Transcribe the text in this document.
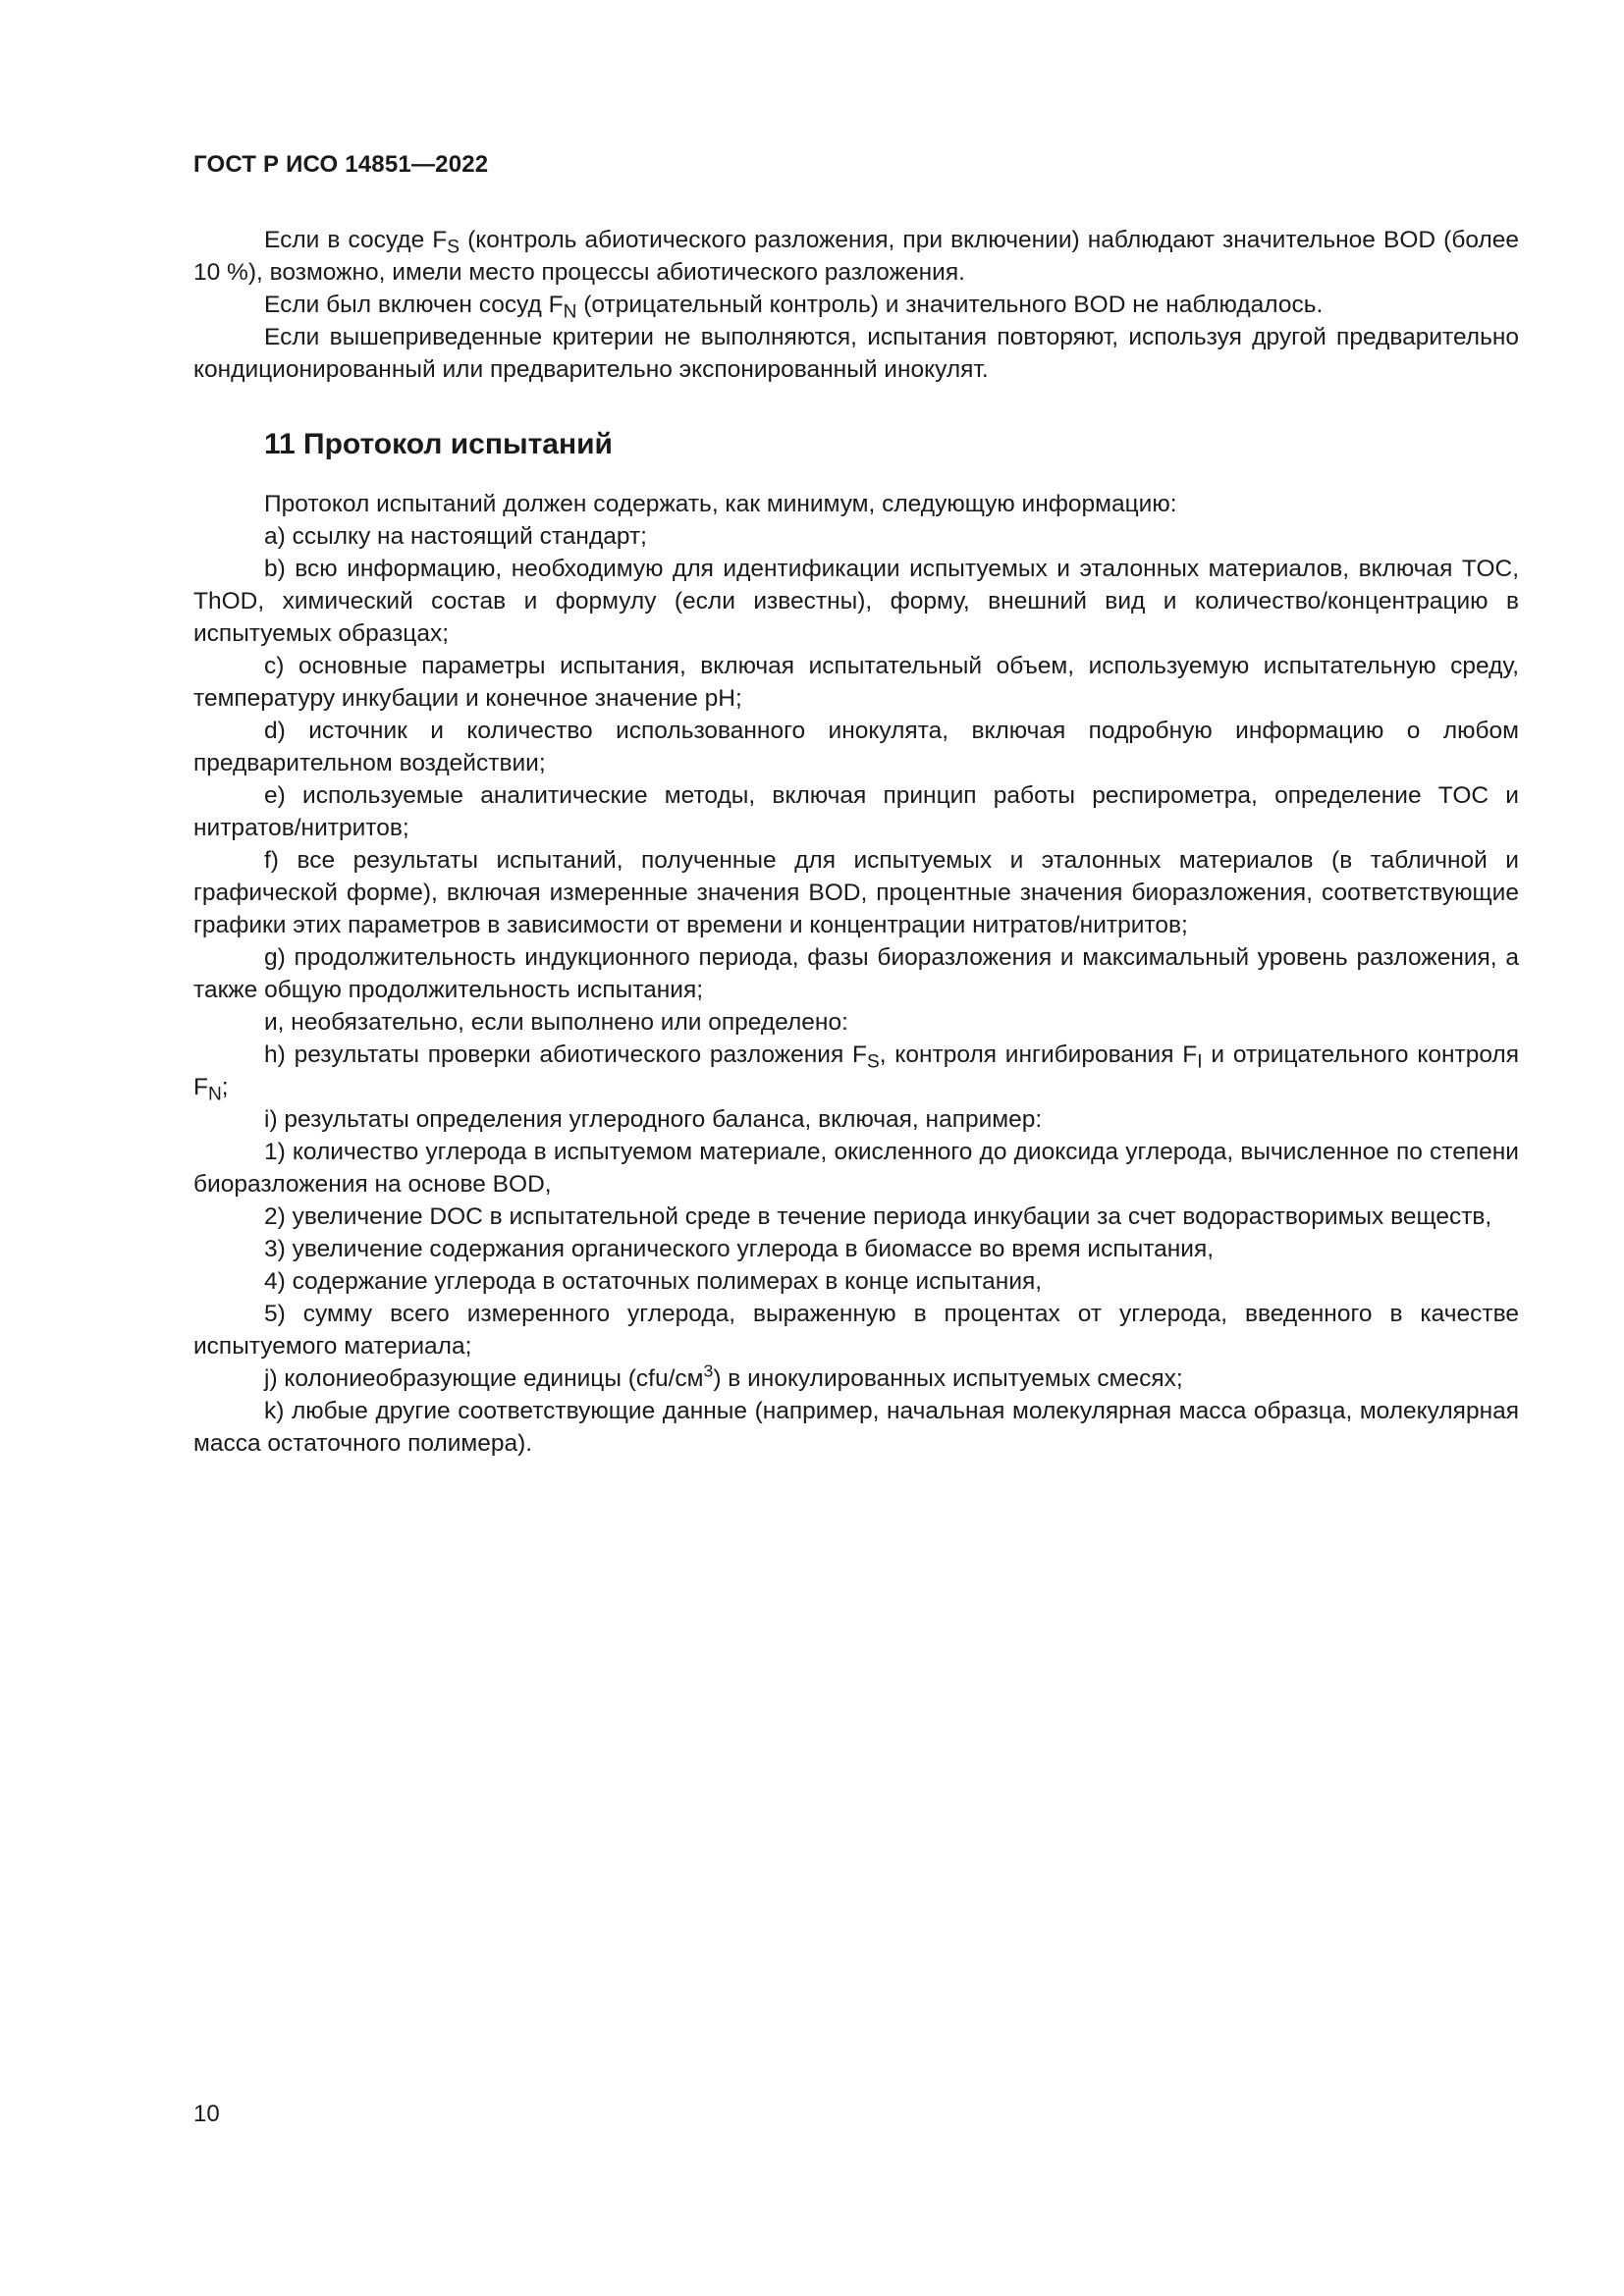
ГОСТ Р ИСО 14851—2022

Если в сосуде $F_S$ (контроль абиотического разложения, при включении) наблюдают значительное BOD (более 10 %), возможно, имели место процессы абиотического разложения.

Если был включен сосуд $F_N$ (отрицательный контроль) и значительного BOD не наблюдалось.

Если вышеприведенные критерии не выполняются, испытания повторяют, используя другой предварительно кондиционированный или предварительно экспонированный инокулят.

11 Протокол испытаний

Протокол испытаний должен содержать, как минимум, следующую информацию:

a) ссылку на настоящий стандарт;

b) всю информацию, необходимую для идентификации испытуемых и эталонных материалов, включая TOC, ThOD, химический состав и формулу (если известны), форму, внешний вид и количество/концентрацию в испытуемых образцах;

c) основные параметры испытания, включая испытательный объем, используемую испытательную среду, температуру инкубации и конечное значение рН;

d) источник и количество использованного инокулята, включая подробную информацию о любом предварительном воздействии;

e) используемые аналитические методы, включая принцип работы респирометра, определение TOC и нитратов/нитритов;

f) все результаты испытаний, полученные для испытуемых и эталонных материалов (в табличной и графической форме), включая измеренные значения BOD, процентные значения биоразложения, соответствующие графики этих параметров в зависимости от времени и концентрации нитратов/нитритов;

g) продолжительность индукционного периода, фазы биоразложения и максимальный уровень разложения, а также общую продолжительность испытания;

и, необязательно, если выполнено или определено:

h) результаты проверки абиотического разложения $F_S$, контроля ингибирования $F_I$ и отрицательного контроля $F_N$;

i) результаты определения углеродного баланса, включая, например:

1) количество углерода в испытуемом материале, окисленного до диоксида углерода, вычисленное по степени биоразложения на основе BOD,

2) увеличение DOC в испытательной среде в течение периода инкубации за счет водорастворимых веществ,

3) увеличение содержания органического углерода в биомассе во время испытания,

4) содержание углерода в остаточных полимерах в конце испытания,

5) сумму всего измеренного углерода, выраженную в процентах от углерода, введенного в качестве испытуемого материала;

j) колониеобразующие единицы $(cfu/см^3)$ в инокулированных испытуемых смесях;

k) любые другие соответствующие данные (например, начальная молекулярная масса образца, молекулярная масса остаточного полимера).

10
